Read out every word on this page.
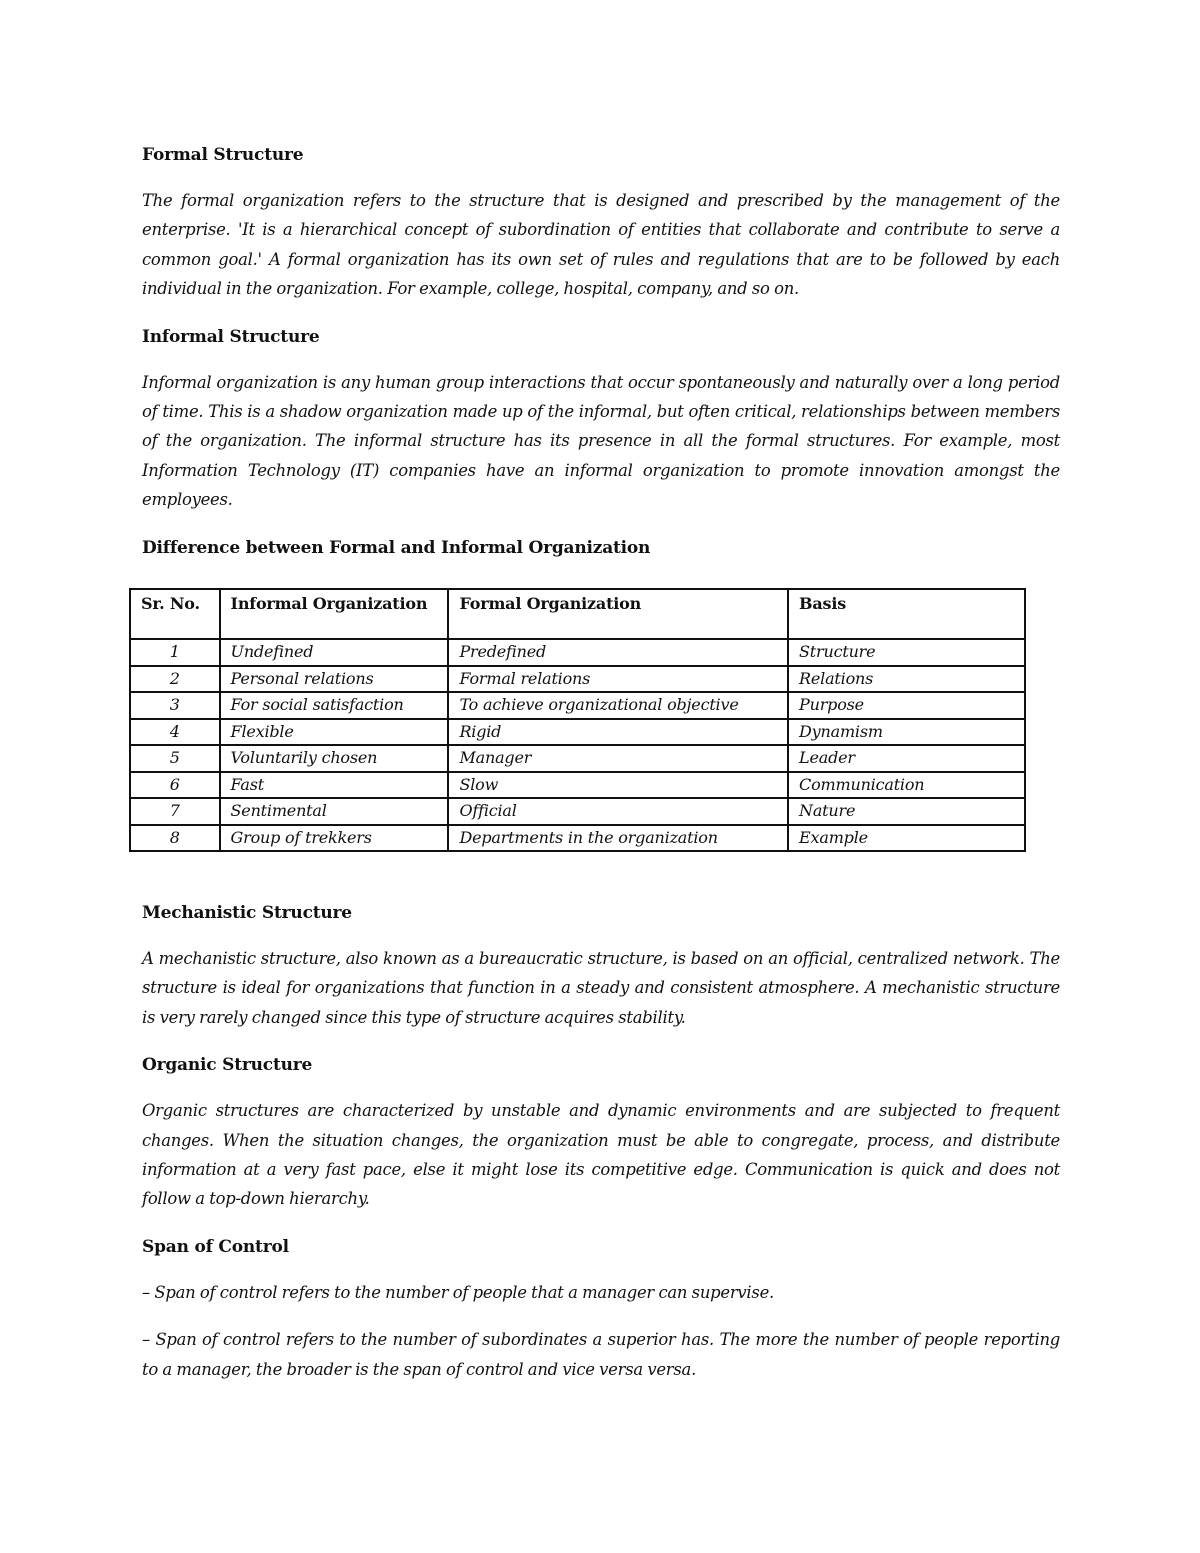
Formal Structure

The formal organization refers to the structure that is designed and prescribed by the management of the enterprise. 'It is a hierarchical concept of subordination of entities that collaborate and contribute to serve a common goal.' A formal organization has its own set of rules and regulations that are to be followed by each individual in the organization. For example, college, hospital, company, and so on.

Informal Structure

Informal organization is any human group interactions that occur spontaneously and naturally over a long period of time. This is a shadow organization made up of the informal, but often critical, relationships between members of the organization. The informal structure has its presence in all the formal structures. For example, most Information Technology (IT) companies have an informal organization to promote innovation amongst the employees.

Difference between Formal and Informal Organization
Sr. No.	Informal Organization	Formal Organization	Basis
1	Undefined	Predefined	Structure
2	Personal relations	Formal relations	Relations
3	For social satisfaction	To achieve organizational objective	Purpose
4	Flexible	Rigid	Dynamism
5	Voluntarily chosen	Manager	Leader
6	Fast	Slow	Communication
7	Sentimental	Official	Nature
8	Group of trekkers	Departments in the organization	Example
Mechanistic Structure

A mechanistic structure, also known as a bureaucratic structure, is based on an official, centralized network. The structure is ideal for organizations that function in a steady and consistent atmosphere. A mechanistic structure is very rarely changed since this type of structure acquires stability.

Organic Structure

Organic structures are characterized by unstable and dynamic environments and are subjected to frequent changes. When the situation changes, the organization must be able to congregate, process, and distribute information at a very fast pace, else it might lose its competitive edge. Communication is quick and does not follow a top-down hierarchy.

Span of Control

– Span of control refers to the number of people that a manager can supervise.

– Span of control refers to the number of subordinates a superior has. The more the number of people reporting to a manager, the broader is the span of control and vice versa versa.
